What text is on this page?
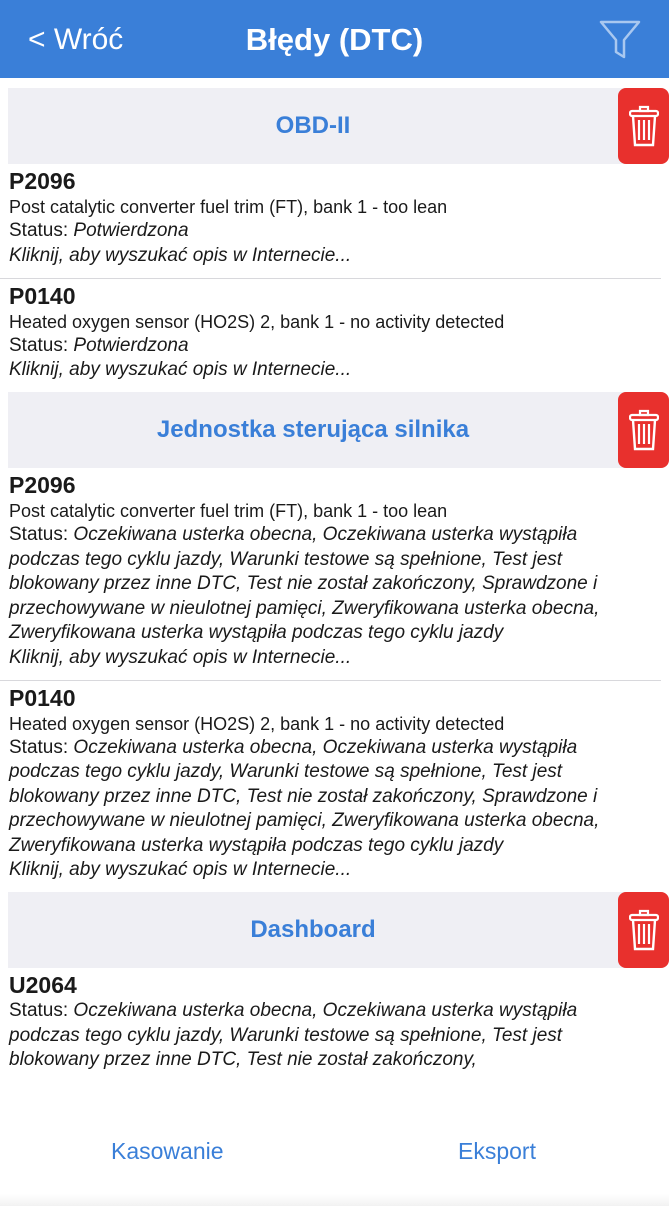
< Wróć	Błędy (DTC)
OBD-II
P2096
Post catalytic converter fuel trim (FT), bank 1 - too lean
Status: Potwierdzona
Kliknij, aby wyszukać opis w Internecie...
P0140
Heated oxygen sensor (HO2S) 2, bank 1 - no activity detected
Status: Potwierdzona
Kliknij, aby wyszukać opis w Internecie...
Jednostka sterująca silnika
P2096
Post catalytic converter fuel trim (FT), bank 1 - too lean
Status: Oczekiwana usterka obecna, Oczekiwana usterka wystąpiła podczas tego cyklu jazdy, Warunki testowe są spełnione, Test jest blokowany przez inne DTC, Test nie został zakończony, Sprawdzone i przechowywane w nieulotnej pamięci, Zweryfikowana usterka obecna, Zweryfikowana usterka wystąpiła podczas tego cyklu jazdy
Kliknij, aby wyszukać opis w Internecie...
P0140
Heated oxygen sensor (HO2S) 2, bank 1 - no activity detected
Status: Oczekiwana usterka obecna, Oczekiwana usterka wystąpiła podczas tego cyklu jazdy, Warunki testowe są spełnione, Test jest blokowany przez inne DTC, Test nie został zakończony, Sprawdzone i przechowywane w nieulotnej pamięci, Zweryfikowana usterka obecna, Zweryfikowana usterka wystąpiła podczas tego cyklu jazdy
Kliknij, aby wyszukać opis w Internecie...
Dashboard
U2064
Status: Oczekiwana usterka obecna, Oczekiwana usterka wystąpiła podczas tego cyklu jazdy, Warunki testowe są spełnione, Test jest blokowany przez inne DTC, Test nie został zakończony,
Kasowanie	Eksport
